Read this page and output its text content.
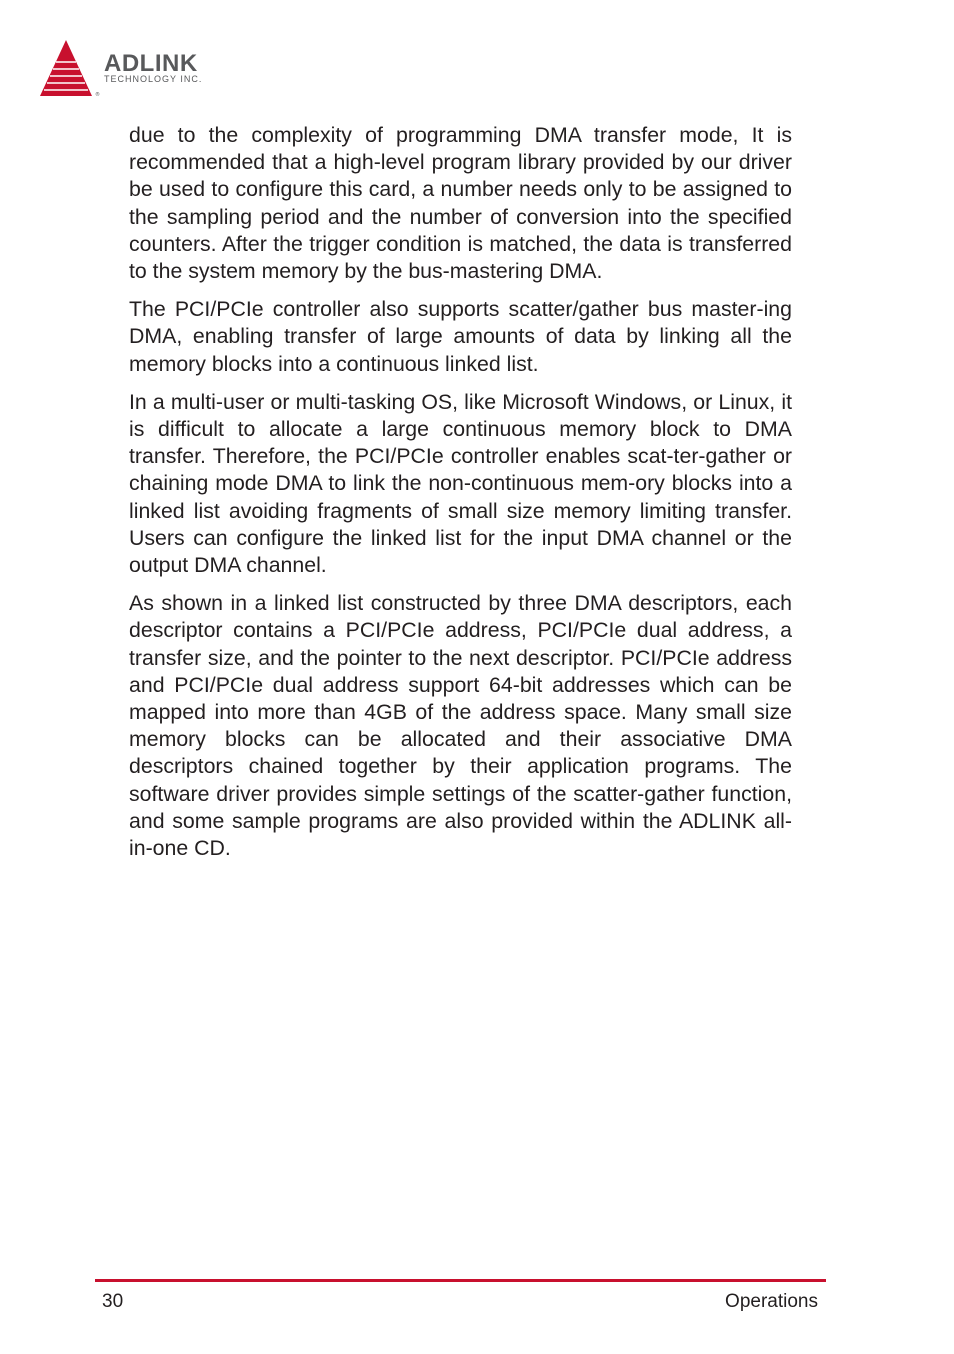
ADLINK
TECHNOLOGY INC.
®

due to the complexity of programming DMA transfer mode, It is recommended that a high-level program library provided by our driver be used to configure this card, a number needs only to be assigned to the sampling period and the number of conversion into the specified counters. After the trigger condition is matched, the data is transferred to the system memory by the bus-mastering DMA.

The PCI/PCIe controller also supports scatter/gather bus master-ing DMA, enabling transfer of large amounts of data by linking all the memory blocks into a continuous linked list.

In a multi-user or multi-tasking OS, like Microsoft Windows, or Linux, it is difficult to allocate a large continuous memory block to DMA transfer. Therefore, the PCI/PCIe controller enables scat-ter-gather or chaining mode DMA to link the non-continuous mem-ory blocks into a linked list avoiding fragments of small size memory limiting transfer. Users can configure the linked list for the input DMA channel or the output DMA channel.

As shown in a linked list constructed by three DMA descriptors, each descriptor contains a PCI/PCIe address, PCI/PCIe dual address, a transfer size, and the pointer to the next descriptor. PCI/PCIe address and PCI/PCIe dual address support 64-bit addresses which can be mapped into more than 4GB of the address space. Many small size memory blocks can be allocated and their associative DMA descriptors chained together by their application programs. The software driver provides simple settings of the scatter-gather function, and some sample programs are also provided within the ADLINK all-in-one CD.

30	Operations
